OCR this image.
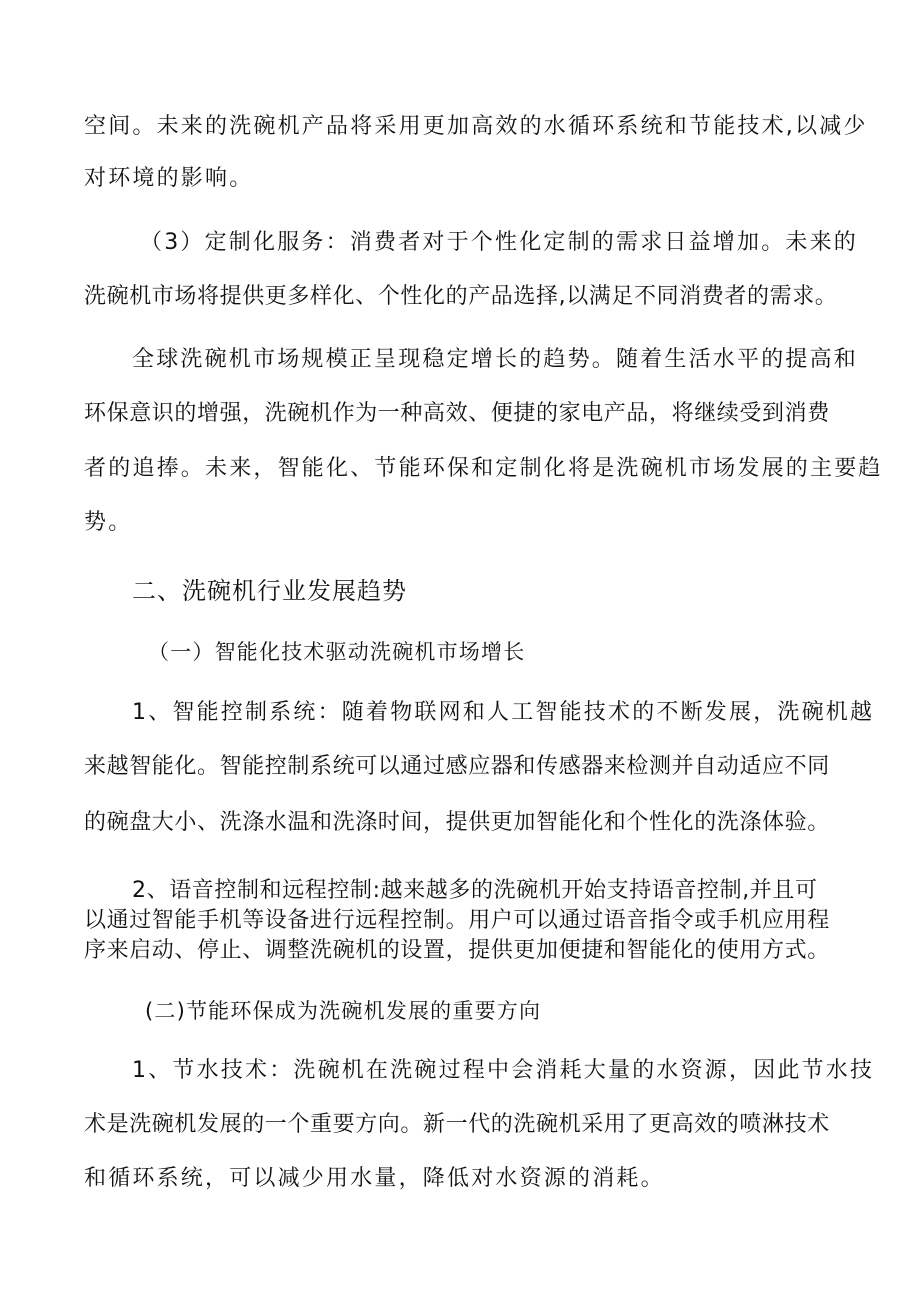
空间。未来的洗碗机产品将采用更加高效的水循环系统和节能技术,以减少
对环境的影响。
（3）定制化服务：消费者对于个性化定制的需求日益增加。未来的
洗碗机市场将提供更多样化、个性化的产品选择,以满足不同消费者的需求。
全球洗碗机市场规模正呈现稳定增长的趋势。随着生活水平的提高和
环保意识的增强，洗碗机作为一种高效、便捷的家电产品，将继续受到消费
者的追捧。未来，智能化、节能环保和定制化将是洗碗机市场发展的主要趋
势。
二、洗碗机行业发展趋势
（一）智能化技术驱动洗碗机市场增长
1、智能控制系统：随着物联网和人工智能技术的不断发展，洗碗机越
来越智能化。智能控制系统可以通过感应器和传感器来检测并自动适应不同
的碗盘大小、洗涤水温和洗涤时间，提供更加智能化和个性化的洗涤体验。
2、语音控制和远程控制:越来越多的洗碗机开始支持语音控制,并且可
以通过智能手机等设备进行远程控制。用户可以通过语音指令或手机应用程
序来启动、停止、调整洗碗机的设置，提供更加便捷和智能化的使用方式。
(二)节能环保成为洗碗机发展的重要方向
1、节水技术：洗碗机在洗碗过程中会消耗大量的水资源，因此节水技
术是洗碗机发展的一个重要方向。新一代的洗碗机采用了更高效的喷淋技术
和循环系统，可以减少用水量，降低对水资源的消耗。
